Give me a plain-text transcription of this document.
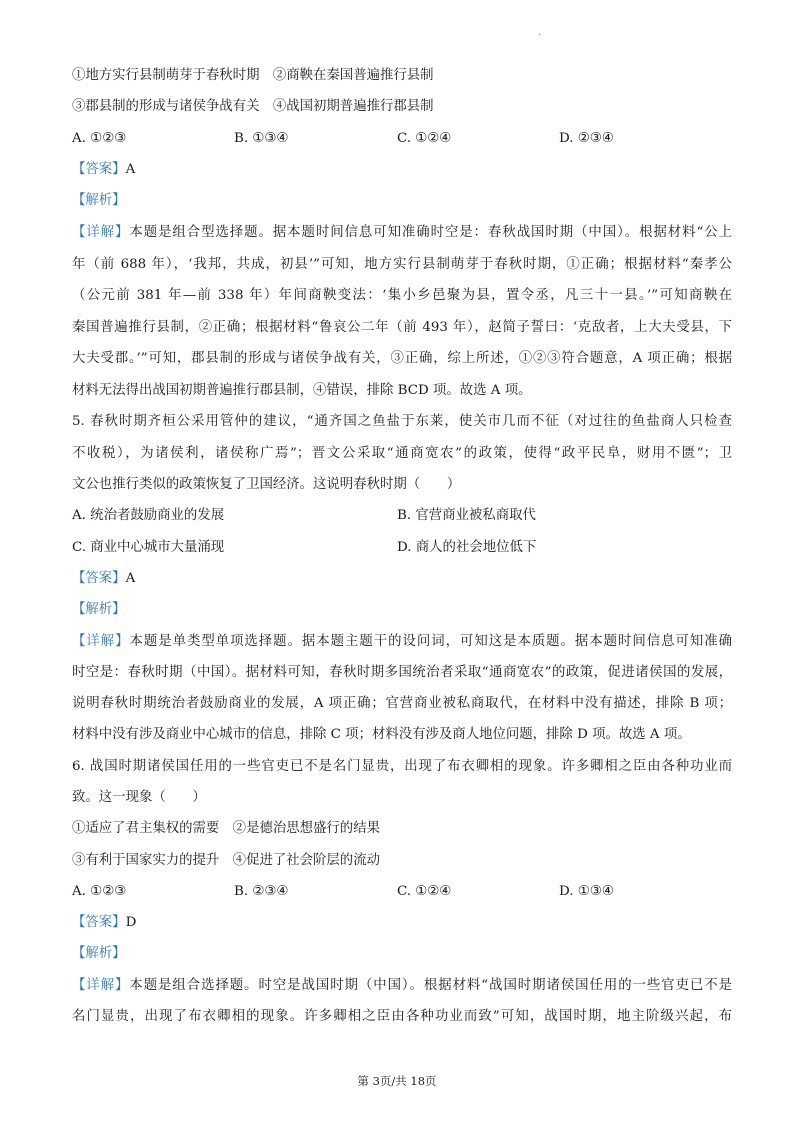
·
①地方实行县制萌芽于春秋时期　②商鞅在秦国普遍推行县制
③郡县制的形成与诸侯争战有关　④战国初期普遍推行郡县制
A. ①②③	B. ①③④	C. ①②④	D. ②③④
【答案】A
【解析】
【详解】本题是组合型选择题。据本题时间信息可知准确时空是：春秋战国时期（中国）。根据材料“公上
年（前 688 年），‘我邦，共成，初县’”可知，地方实行县制萌芽于春秋时期，①正确；根据材料“秦孝公
（公元前 381 年—前 338 年）年间商鞅变法：‘集小乡邑聚为县，置令丞，凡三十一县。’”可知商鞅在
秦国普遍推行县制，②正确；根据材料“鲁哀公二年（前 493 年），赵简子誓曰：‘克敌者，上大夫受县，下
大夫受郡。’”可知，郡县制的形成与诸侯争战有关，③正确，综上所述，①②③符合题意，A 项正确；根据
材料无法得出战国初期普遍推行郡县制，④错误，排除 BCD 项。故选 A 项。
5. 春秋时期齐桓公采用管仲的建议，“通齐国之鱼盐于东莱，使关市几而不征（对过往的鱼盐商人只检查
不收税），为诸侯利，诸侯称广焉”；晋文公采取“通商宽农”的政策，使得“政平民阜，财用不匮”；卫
文公也推行类似的政策恢复了卫国经济。这说明春秋时期（　　）
A. 统治者鼓励商业的发展	B. 官营商业被私商取代
C. 商业中心城市大量涌现	D. 商人的社会地位低下
【答案】A
【解析】
【详解】本题是单类型单项选择题。据本题主题干的设问词，可知这是本质题。据本题时间信息可知准确
时空是：春秋时期（中国）。据材料可知，春秋时期多国统治者采取“通商宽农”的政策，促进诸侯国的发展，
说明春秋时期统治者鼓励商业的发展，A 项正确；官营商业被私商取代，在材料中没有描述，排除 B 项；
材料中没有涉及商业中心城市的信息，排除 C 项；材料没有涉及商人地位问题，排除 D 项。故选 A 项。
6. 战国时期诸侯国任用的一些官吏已不是名门显贵，出现了布衣卿相的现象。许多卿相之臣由各种功业而
致。这一现象（　　）
①适应了君主集权的需要　②是德治思想盛行的结果
③有利于国家实力的提升　④促进了社会阶层的流动
A. ①②③	B. ②③④	C. ①②④	D. ①③④
【答案】D
【解析】
【详解】本题是组合选择题。时空是战国时期（中国）。根据材料“战国时期诸侯国任用的一些官吏已不是
名门显贵，出现了布衣卿相的现象。许多卿相之臣由各种功业而致”可知，战国时期，地主阶级兴起，布
第 3页/共 18页
